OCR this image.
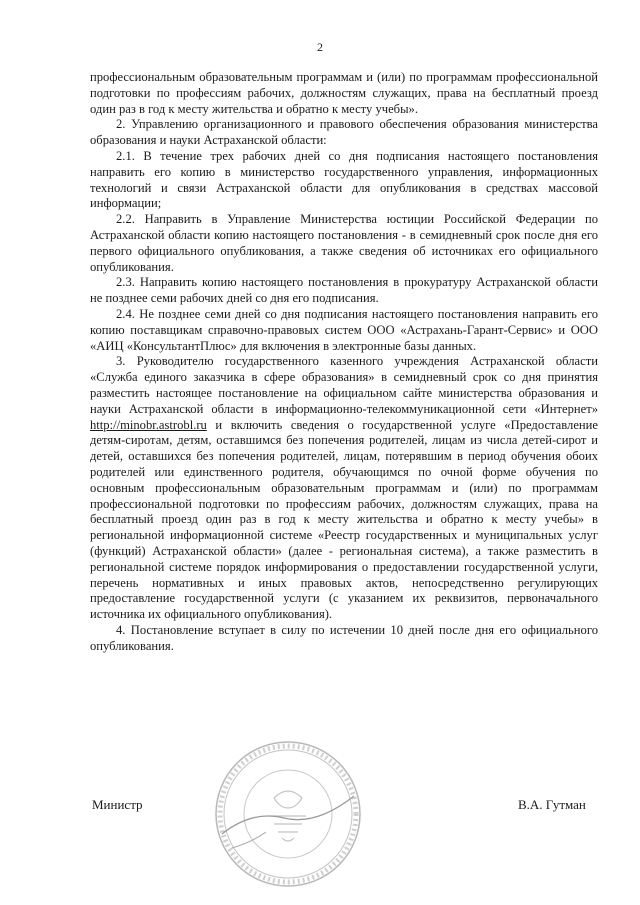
2

профессиональным образовательным программам и (или) по программам профессиональной подготовки по профессиям рабочих, должностям служащих, права на бесплатный проезд один раз в год к месту жительства и обратно к месту учебы».

2. Управлению организационного и правового обеспечения образования министерства образования и науки Астраханской области:

2.1. В течение трех рабочих дней со дня подписания настоящего постановления направить его копию в министерство государственного управления, информационных технологий и связи Астраханской области для опубликования в средствах массовой информации;

2.2. Направить в Управление Министерства юстиции Российской Федерации по Астраханской области копию настоящего постановления - в семидневный срок после дня его первого официального опубликования, а также сведения об источниках его официального опубликования.

2.3. Направить копию настоящего постановления в прокуратуру Астраханской области не позднее семи рабочих дней со дня его подписания.

2.4. Не позднее семи дней со дня подписания настоящего постановления направить его копию поставщикам справочно-правовых систем ООО «Астрахань-Гарант-Сервис» и ООО «АИЦ «КонсультантПлюс» для включения в электронные базы данных.

3. Руководителю государственного казенного учреждения Астраханской области «Служба единого заказчика в сфере образования» в семидневный срок со дня принятия разместить настоящее постановление на официальном сайте министерства образования и науки Астраханской области в информационно-телекоммуникационной сети «Интернет» http://minobr.astrobl.ru и включить сведения о государственной услуге «Предоставление детям-сиротам, детям, оставшимся без попечения родителей, лицам из числа детей-сирот и детей, оставшихся без попечения родителей, лицам, потерявшим в период обучения обоих родителей или единственного родителя, обучающимся по очной форме обучения по основным профессиональным образовательным программам и (или) по программам профессиональной подготовки по профессиям рабочих, должностям служащих, права на бесплатный проезд один раз в год к месту жительства и обратно к месту учебы» в региональной информационной системе «Реестр государственных и муниципальных услуг (функций) Астраханской области» (далее - региональная система), а также разместить в региональной системе порядок информирования о предоставлении государственной услуги, перечень нормативных и иных правовых актов, непосредственно регулирующих предоставление государственной услуги (с указанием их реквизитов, первоначального источника их официального опубликования).

4. Постановление вступает в силу по истечении 10 дней после дня его официального опубликования.

Министр	В.А. Гутман
